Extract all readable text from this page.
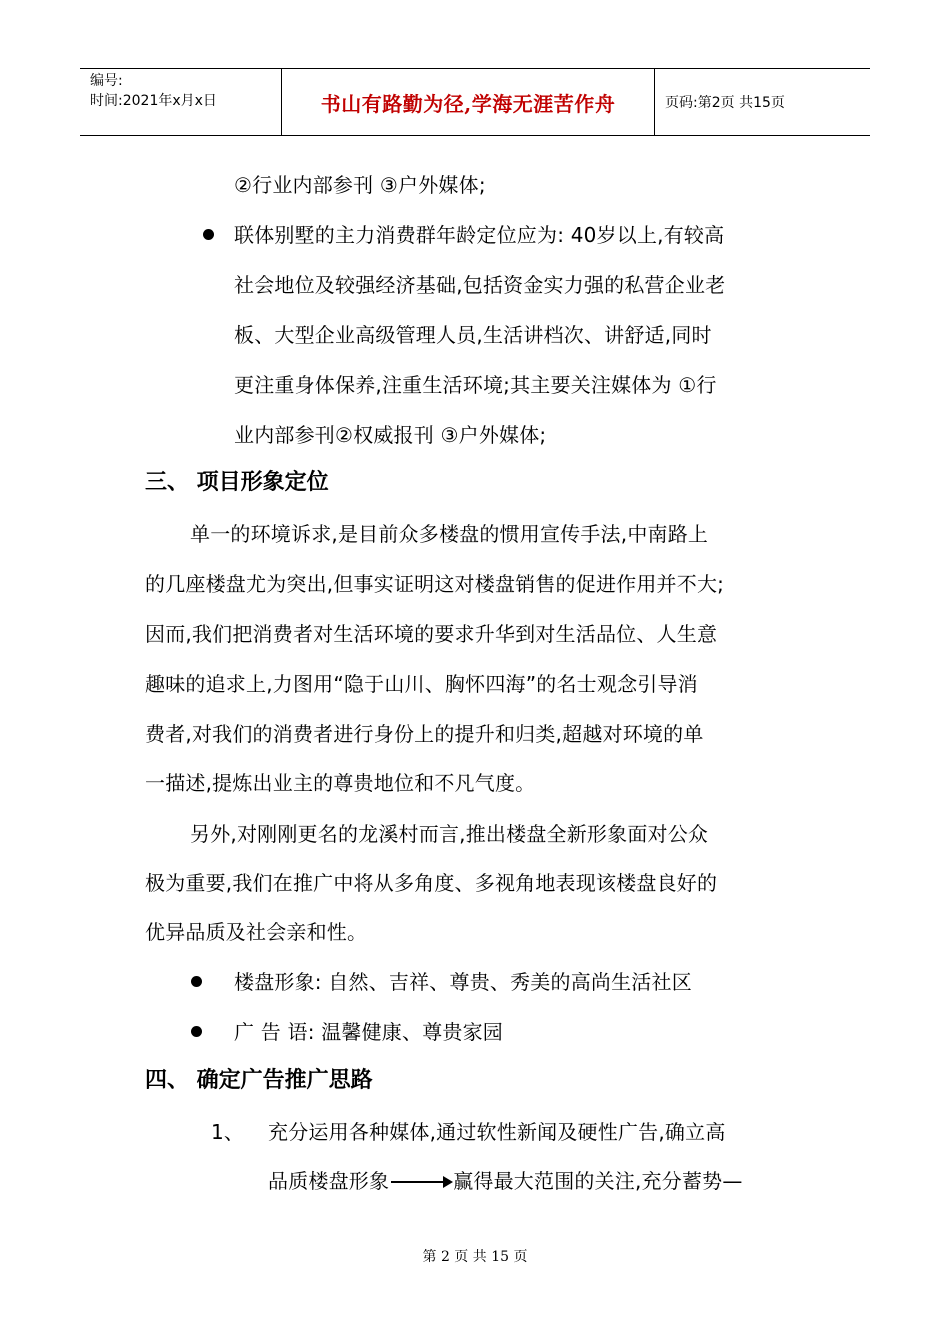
编号:
时间:2021年x月x日	书山有路勤为径,学海无涯苦作舟	页码:第2页 共15页
②行业内部参刊 ③户外媒体;
联体别墅的主力消费群年龄定位应为: 40岁以上,有较高
社会地位及较强经济基础,包括资金实力强的私营企业老
板、大型企业高级管理人员,生活讲档次、讲舒适,同时
更注重身体保养,注重生活环境;其主要关注媒体为 ①行
业内部参刊②权威报刊 ③户外媒体;
三、 项目形象定位
单一的环境诉求,是目前众多楼盘的惯用宣传手法,中南路上
的几座楼盘尤为突出,但事实证明这对楼盘销售的促进作用并不大;
因而,我们把消费者对生活环境的要求升华到对生活品位、人生意
趣味的追求上,力图用“隐于山川、胸怀四海”的名士观念引导消
费者,对我们的消费者进行身份上的提升和归类,超越对环境的单
一描述,提炼出业主的尊贵地位和不凡气度。
另外,对刚刚更名的龙溪村而言,推出楼盘全新形象面对公众
极为重要,我们在推广中将从多角度、多视角地表现该楼盘良好的
优异品质及社会亲和性。
楼盘形象: 自然、吉祥、尊贵、秀美的高尚生活社区
广 告 语: 温馨健康、尊贵家园
四、 确定广告推广思路
1、 充分运用各种媒体,通过软性新闻及硬性广告,确立高
品质楼盘形象	赢得最大范围的关注,充分蓄势—
第 2 页 共 15 页
